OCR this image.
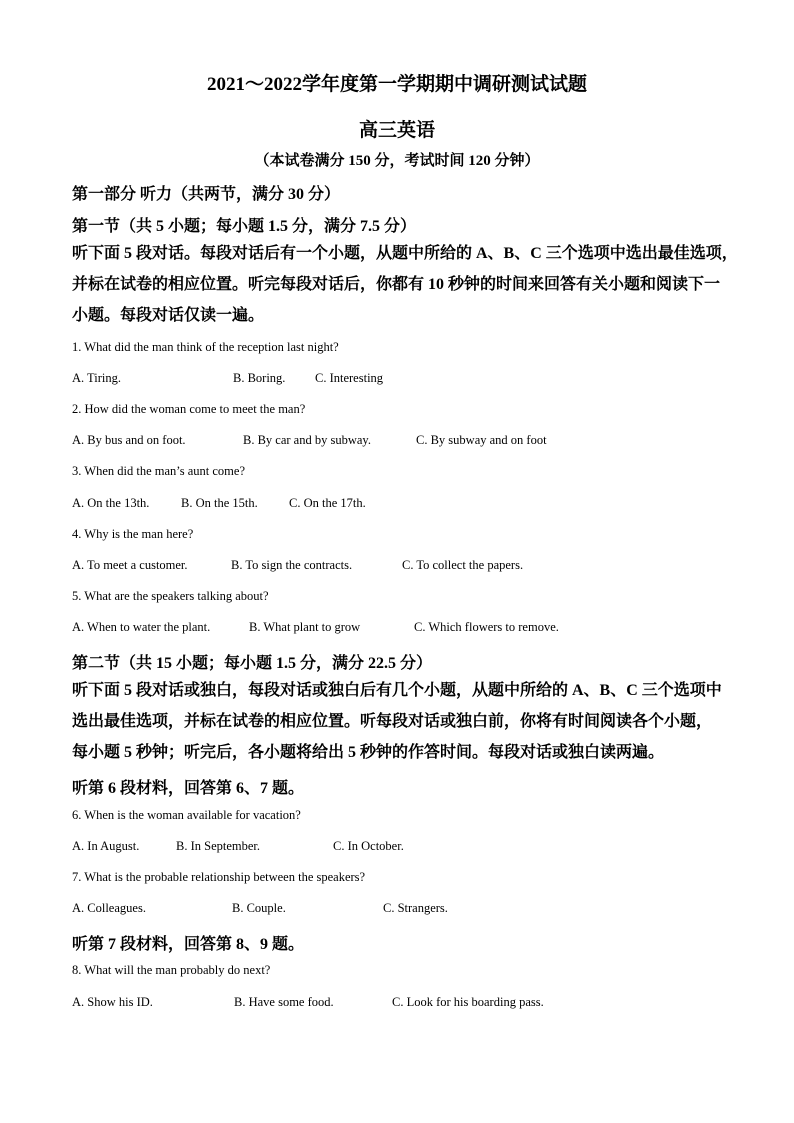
2021～2022学年度第一学期期中调研测试试题
高三英语
（本试卷满分 150 分，考试时间 120 分钟）
第一部分 听力（共两节，满分 30 分）
第一节（共 5 小题；每小题 1.5 分，满分 7.5 分）

听下面 5 段对话。每段对话后有一个小题，从题中所给的 A、B、C 三个选项中选出最佳选项，

并标在试卷的相应位置。听完每段对话后，你都有 10 秒钟的时间来回答有关小题和阅读下一

小题。每段对话仅读一遍。

1. What did the man think of the reception last night?
A. Tiring.	B. Boring. C. Interesting
2. How did the woman come to meet the man?
A. By bus and on foot.	B. By car and by subway.	C. By subway and on foot
3. When did the man’s aunt come?
A. On the 13th.	B. On the 15th.	C. On the 17th.
4. Why is the man here?
A. To meet a customer.	B. To sign the contracts.	C. To collect the papers.
5. What are the speakers talking about?
A. When to water the plant.	B. What plant to grow	C. Which flowers to remove.
第二节（共 15 小题；每小题 1.5 分，满分 22.5 分）

听下面 5 段对话或独白，每段对话或独白后有几个小题，从题中所给的 A、B、C 三个选项中

选出最佳选项，并标在试卷的相应位置。听每段对话或独白前，你将有时间阅读各个小题，

每小题 5 秒钟；听完后，各小题将给出 5 秒钟的作答时间。每段对话或独白读两遍。

听第 6 段材料，回答第 6、7 题。
6. When is the woman available for vacation?
A. In August.	B. In September.	C. In October.
7. What is the probable relationship between the speakers?
A. Colleagues.	B. Couple.	C. Strangers.
听第 7 段材料，回答第 8、9 题。
8. What will the man probably do next?
A. Show his ID.	B. Have some food.	C. Look for his boarding pass.
